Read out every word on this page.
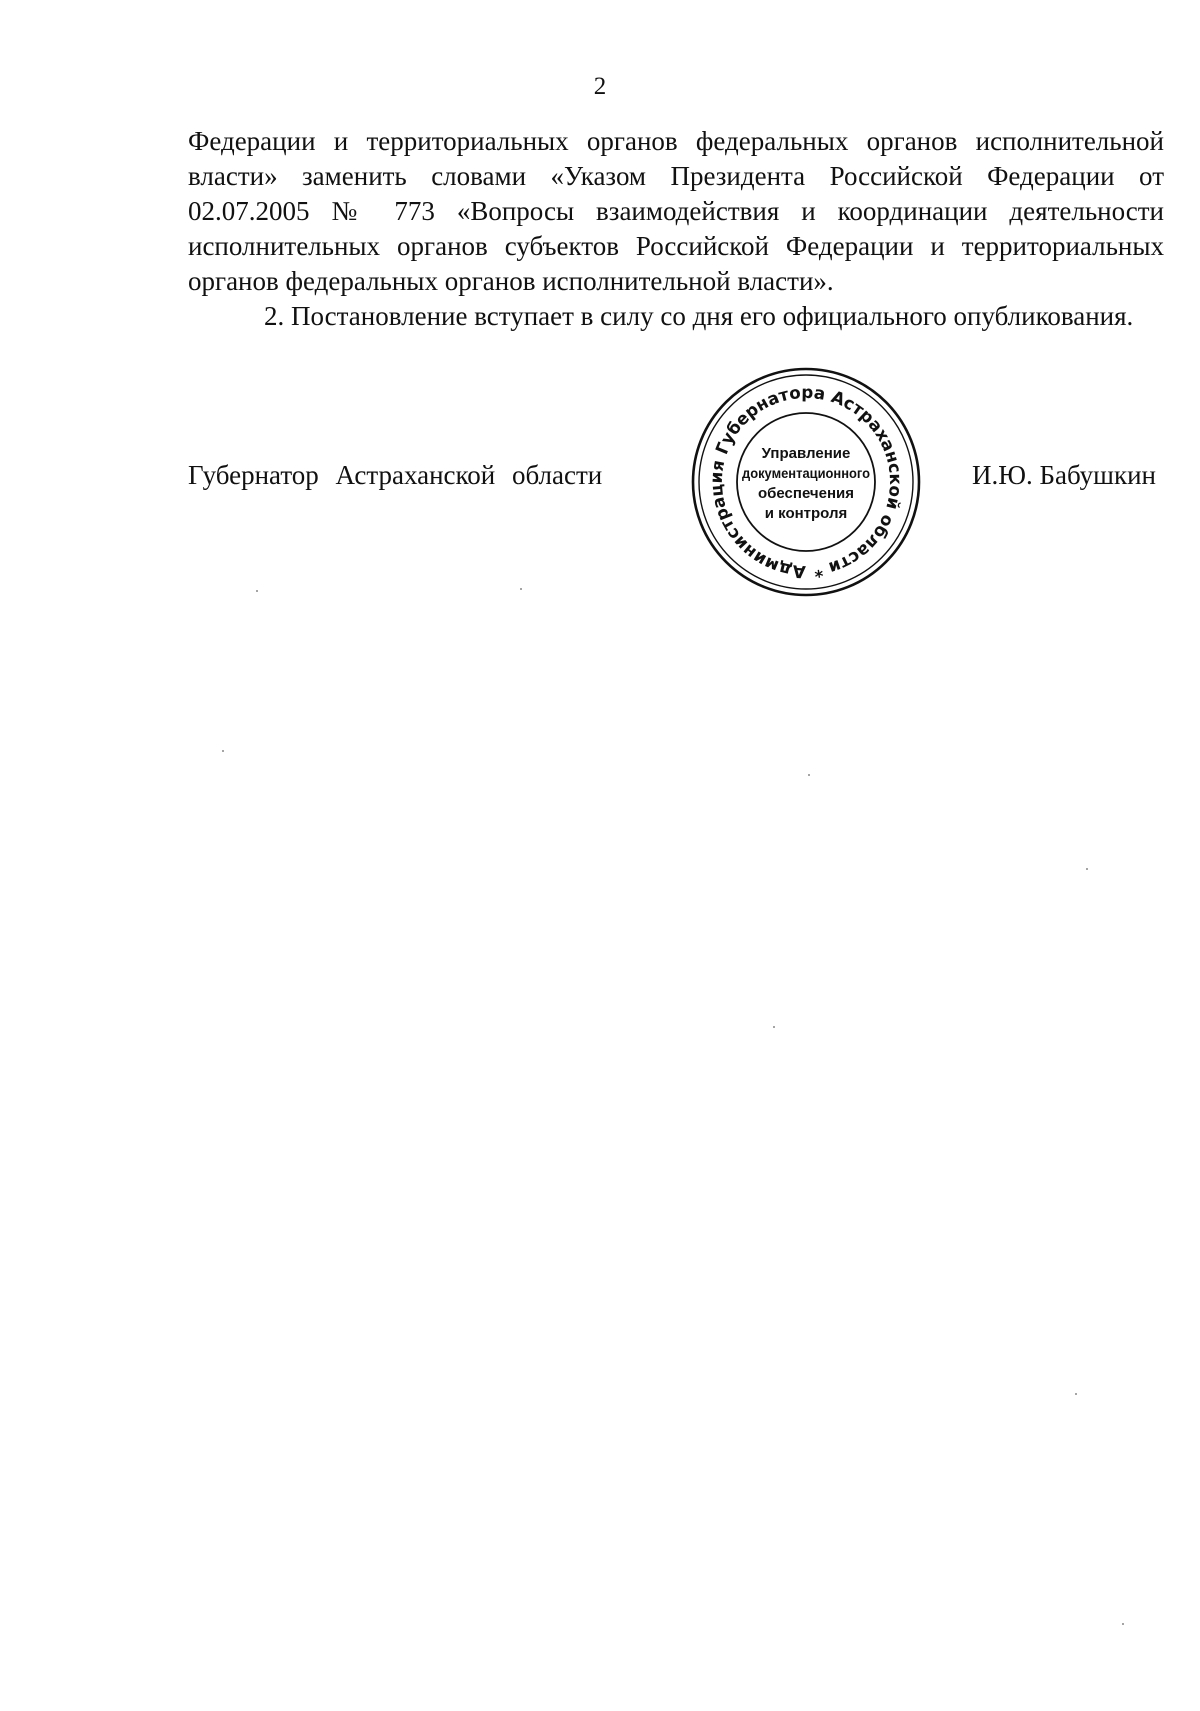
2

Федерации и территориальных органов федеральных органов исполнительной власти» заменить словами «Указом Президента Российской Федерации от 02.07.2005 № 773 «Вопросы взаимодействия и координации деятельности исполнительных органов субъектов Российской Федерации и территориальных органов федеральных органов исполнительной власти».

2. Постановление вступает в силу со дня его официального опубликования.

Губернатор Астраханской области	И.Ю. Бабушкин
Администрация Губернатора Астраханской области *
Управление
документационного
обеспечения
и контроля
